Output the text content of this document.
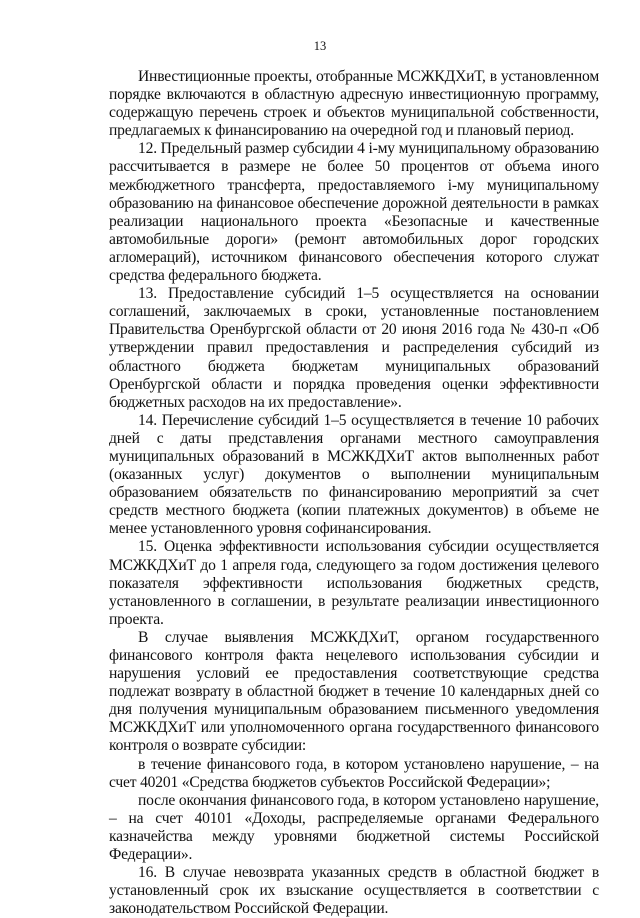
13

Инвестиционные проекты, отобранные МСЖКДХиТ, в установленном порядке включаются в областную адресную инвестиционную программу, содержащую перечень строек и объектов муниципальной собственности, предлагаемых к финансированию на очередной год и плановый период.

12. Предельный размер субсидии 4 i-му муниципальному образованию рассчитывается в размере не более 50 процентов от объема иного межбюджетного трансферта, предоставляемого i-му муниципальному образованию на финансовое обеспечение дорожной деятельности в рамках реализации национального проекта «Безопасные и качественные автомобильные дороги» (ремонт автомобильных дорог городских агломераций), источником финансового обеспечения которого служат средства федерального бюджета.

13. Предоставление субсидий 1–5 осуществляется на основании соглашений, заключаемых в сроки, установленные постановлением Правительства Оренбургской области от 20 июня 2016 года № 430-п «Об утверждении правил предоставления и распределения субсидий из областного бюджета бюджетам муниципальных образований Оренбургской области и порядка проведения оценки эффективности бюджетных расходов на их предоставление».

14. Перечисление субсидий 1–5 осуществляется в течение 10 рабочих дней с даты представления органами местного самоуправления муниципальных образований в МСЖКДХиТ актов выполненных работ (оказанных услуг) документов о выполнении муниципальным образованием обязательств по финансированию мероприятий за счет средств местного бюджета (копии платежных документов) в объеме не менее установленного уровня софинансирования.

15. Оценка эффективности использования субсидии осуществляется МСЖКДХиТ до 1 апреля года, следующего за годом достижения целевого показателя эффективности использования бюджетных средств, установленного в соглашении, в результате реализации инвестиционного проекта.

В случае выявления МСЖКДХиТ, органом государственного финансового контроля факта нецелевого использования субсидии и нарушения условий ее предоставления соответствующие средства подлежат возврату в областной бюджет в течение 10 календарных дней со дня получения муниципальным образованием письменного уведомления МСЖКДХиТ или уполномоченного органа государственного финансового контроля о возврате субсидии:

в течение финансового года, в котором установлено нарушение, – на счет 40201 «Средства бюджетов субъектов Российской Федерации»;

после окончания финансового года, в котором установлено нарушение, – на счет 40101 «Доходы, распределяемые органами Федерального казначейства между уровнями бюджетной системы Российской Федерации».

16. В случае невозврата указанных средств в областной бюджет в установленный срок их взыскание осуществляется в соответствии с законодательством Российской Федерации.
